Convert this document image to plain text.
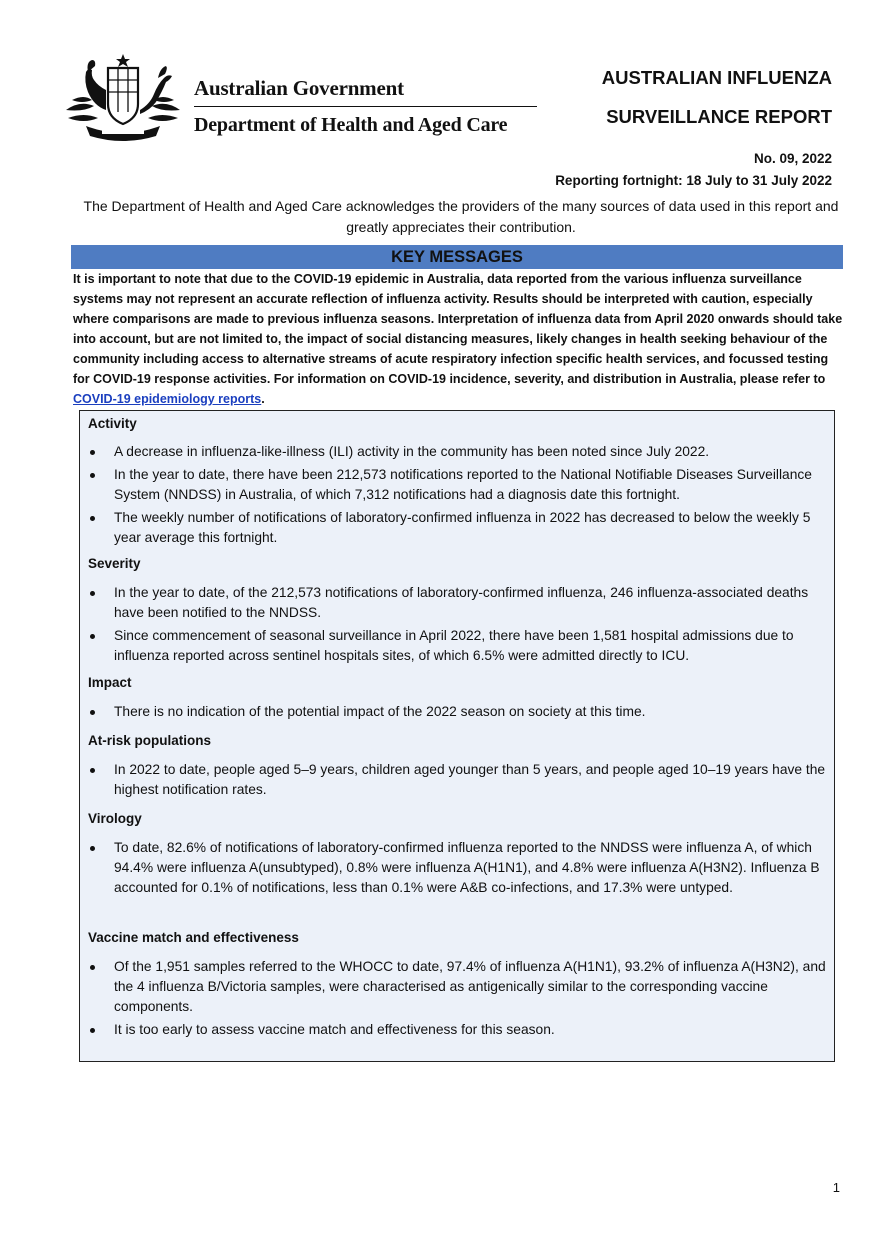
Australian Government
Department of Health and Aged Care
AUSTRALIAN INFLUENZA
SURVEILLANCE REPORT
No. 09, 2022
Reporting fortnight: 18 July to 31 July 2022
The Department of Health and Aged Care acknowledges the providers of the many sources of data used in this report and greatly appreciates their contribution.
KEY MESSAGES
It is important to note that due to the COVID-19 epidemic in Australia, data reported from the various influenza surveillance systems may not represent an accurate reflection of influenza activity. Results should be interpreted with caution, especially where comparisons are made to previous influenza seasons. Interpretation of influenza data from April 2020 onwards should take into account, but are not limited to, the impact of social distancing measures, likely changes in health seeking behaviour of the community including access to alternative streams of acute respiratory infection specific health services, and focussed testing for COVID-19 response activities. For information on COVID-19 incidence, severity, and distribution in Australia, please refer to COVID-19 epidemiology reports.
Activity
A decrease in influenza-like-illness (ILI) activity in the community has been noted since July 2022.
In the year to date, there have been 212,573 notifications reported to the National Notifiable Diseases Surveillance System (NNDSS) in Australia, of which 7,312 notifications had a diagnosis date this fortnight.
The weekly number of notifications of laboratory-confirmed influenza in 2022 has decreased to below the weekly 5 year average this fortnight.
Severity
In the year to date, of the 212,573 notifications of laboratory-confirmed influenza, 246 influenza-associated deaths have been notified to the NNDSS.
Since commencement of seasonal surveillance in April 2022, there have been 1,581 hospital admissions due to influenza reported across sentinel hospitals sites, of which 6.5% were admitted directly to ICU.
Impact
There is no indication of the potential impact of the 2022 season on society at this time.
At-risk populations
In 2022 to date, people aged 5–9 years, children aged younger than 5 years, and people aged 10–19 years have the highest notification rates.
Virology
To date, 82.6% of notifications of laboratory-confirmed influenza reported to the NNDSS were influenza A, of which 94.4% were influenza A(unsubtyped), 0.8% were influenza A(H1N1), and 4.8% were influenza A(H3N2). Influenza B accounted for 0.1% of notifications, less than 0.1% were A&B co-infections, and 17.3% were untyped.
Vaccine match and effectiveness
Of the 1,951 samples referred to the WHOCC to date, 97.4% of influenza A(H1N1), 93.2% of influenza A(H3N2), and the 4 influenza B/Victoria samples, were characterised as antigenically similar to the corresponding vaccine components.
It is too early to assess vaccine match and effectiveness for this season.
1
